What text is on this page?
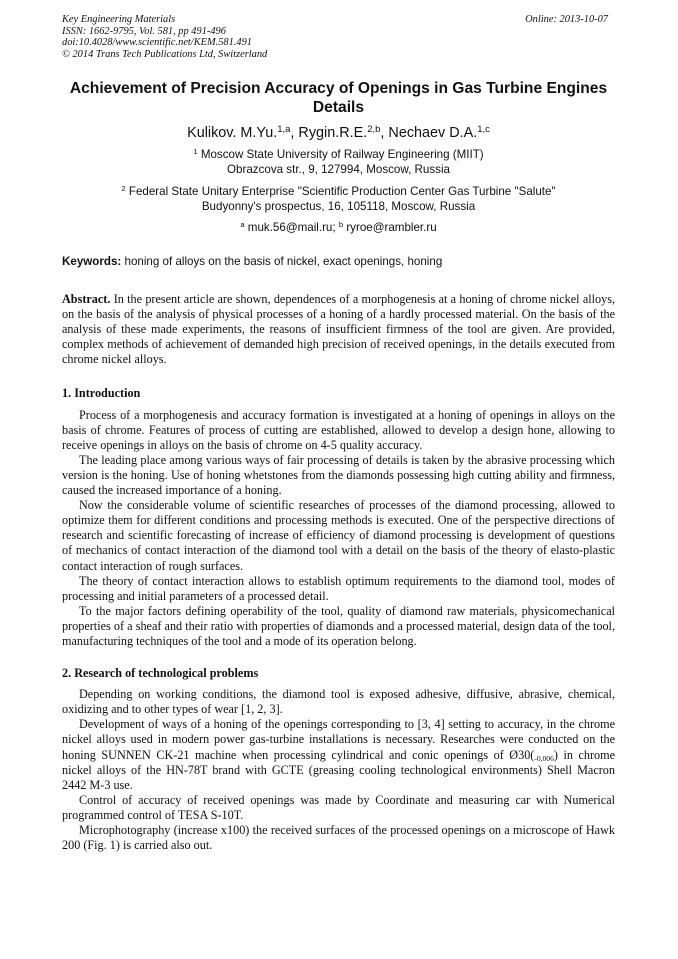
Key Engineering Materials
ISSN: 1662-9795, Vol. 581, pp 491-496
doi:10.4028/www.scientific.net/KEM.581.491
© 2014 Trans Tech Publications Ltd, Switzerland
Online: 2013-10-07
Achievement of Precision Accuracy of Openings in Gas Turbine Engines Details
Kulikov. M.Yu.$^{1,a}$, Rygin.R.E.$^{2,b}$, Nechaev D.A.$^{1,c}$
$^1$ Moscow State University of Railway Engineering (MIIT)
Obrazcova str., 9, 127994, Moscow, Russia
$^2$ Federal State Unitary Enterprise "Scientific Production Center Gas Turbine "Salute"
Budyonny's prospectus, 16, 105118, Moscow, Russia
$^a$ muk.56@mail.ru; $^b$ ryroe@rambler.ru
Keywords: honing of alloys on the basis of nickel, exact openings, honing

Abstract. In the present article are shown, dependences of a morphogenesis at a honing of chrome nickel alloys, on the basis of the analysis of physical processes of a honing of a hardly processed material. On the basis of the analysis of these made experiments, the reasons of insufficient firmness of the tool are given. Are provided, complex methods of achievement of demanded high precision of received openings, in the details executed from chrome nickel alloys.

1. Introduction

Process of a morphogenesis and accuracy formation is investigated at a honing of openings in alloys on the basis of chrome. Features of process of cutting are established, allowed to develop a design hone, allowing to receive openings in alloys on the basis of chrome on 4-5 quality accuracy.

The leading place among various ways of fair processing of details is taken by the abrasive processing which version is the honing. Use of honing whetstones from the diamonds possessing high cutting ability and firmness, caused the increased importance of a honing.

Now the considerable volume of scientific researches of processes of the diamond processing, allowed to optimize them for different conditions and processing methods is executed. One of the perspective directions of research and scientific forecasting of increase of efficiency of diamond processing is development of questions of mechanics of contact interaction of the diamond tool with a detail on the basis of the theory of elasto-plastic contact interaction of rough surfaces.

The theory of contact interaction allows to establish optimum requirements to the diamond tool, modes of processing and initial parameters of a processed detail.

To the major factors defining operability of the tool, quality of diamond raw materials, physicomechanical properties of a sheaf and their ratio with properties of diamonds and a processed material, design data of the tool, manufacturing techniques of the tool and a mode of its operation belong.

2. Research of technological problems

Depending on working conditions, the diamond tool is exposed adhesive, diffusive, abrasive, chemical, oxidizing and to other types of wear [1, 2, 3].

Development of ways of a honing of the openings corresponding to [3, 4] setting to accuracy, in the chrome nickel alloys used in modern power gas-turbine installations is necessary. Researches were conducted on the honing SUNNEN CK-21 machine when processing cylindrical and conic openings of $Ø30(_{-0,006})$ in chrome nickel alloys of the HN-78T brand with GCTE (greasing cooling technological environments) Shell Macron 2442 M-3 use.

Control of accuracy of received openings was made by Coordinate and measuring car with Numerical programmed control of TESA S-10T.

Microphotography (increase x100) the received surfaces of the processed openings on a microscope of Hawk 200 (Fig. 1) is carried also out.
